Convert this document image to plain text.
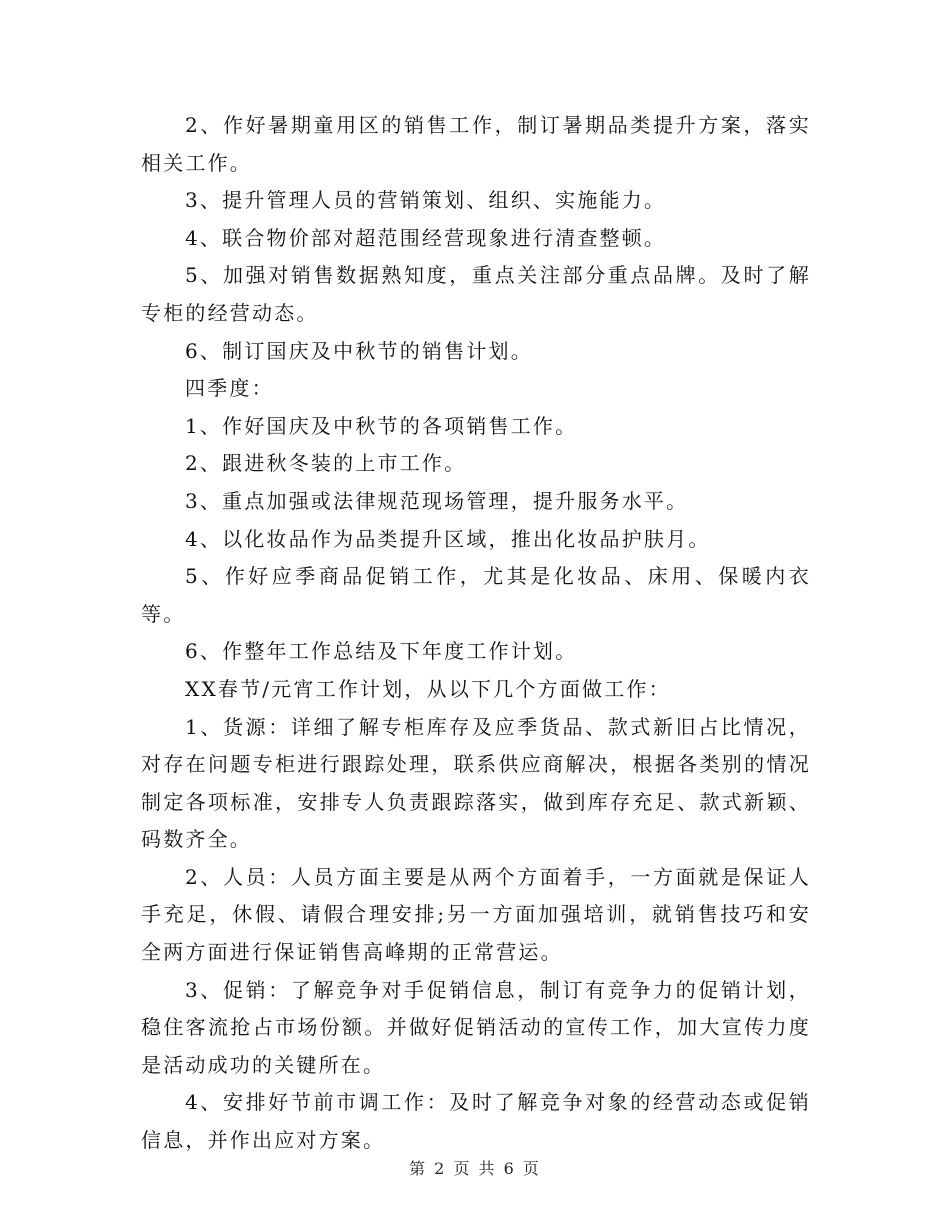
2、作好暑期童用区的销售工作，制订暑期品类提升方案，落实相关工作。

3、提升管理人员的营销策划、组织、实施能力。

4、联合物价部对超范围经营现象进行清查整顿。

5、加强对销售数据熟知度，重点关注部分重点品牌。及时了解专柜的经营动态。

6、制订国庆及中秋节的销售计划。

四季度：

1、作好国庆及中秋节的各项销售工作。

2、跟进秋冬装的上市工作。

3、重点加强或法律规范现场管理，提升服务水平。

4、以化妆品作为品类提升区域，推出化妆品护肤月。

5、作好应季商品促销工作，尤其是化妆品、床用、保暖内衣等。

6、作整年工作总结及下年度工作计划。

XX春节/元宵工作计划，从以下几个方面做工作：

1、货源：详细了解专柜库存及应季货品、款式新旧占比情况，对存在问题专柜进行跟踪处理，联系供应商解决，根据各类别的情况制定各项标准，安排专人负责跟踪落实，做到库存充足、款式新颖、码数齐全。

2、人员：人员方面主要是从两个方面着手，一方面就是保证人手充足，休假、请假合理安排;另一方面加强培训，就销售技巧和安全两方面进行保证销售高峰期的正常营运。

3、促销：了解竞争对手促销信息，制订有竞争力的促销计划，稳住客流抢占市场份额。并做好促销活动的宣传工作，加大宣传力度是活动成功的关键所在。

4、安排好节前市调工作：及时了解竞争对象的经营动态或促销信息，并作出应对方案。

第 2 页 共 6 页
